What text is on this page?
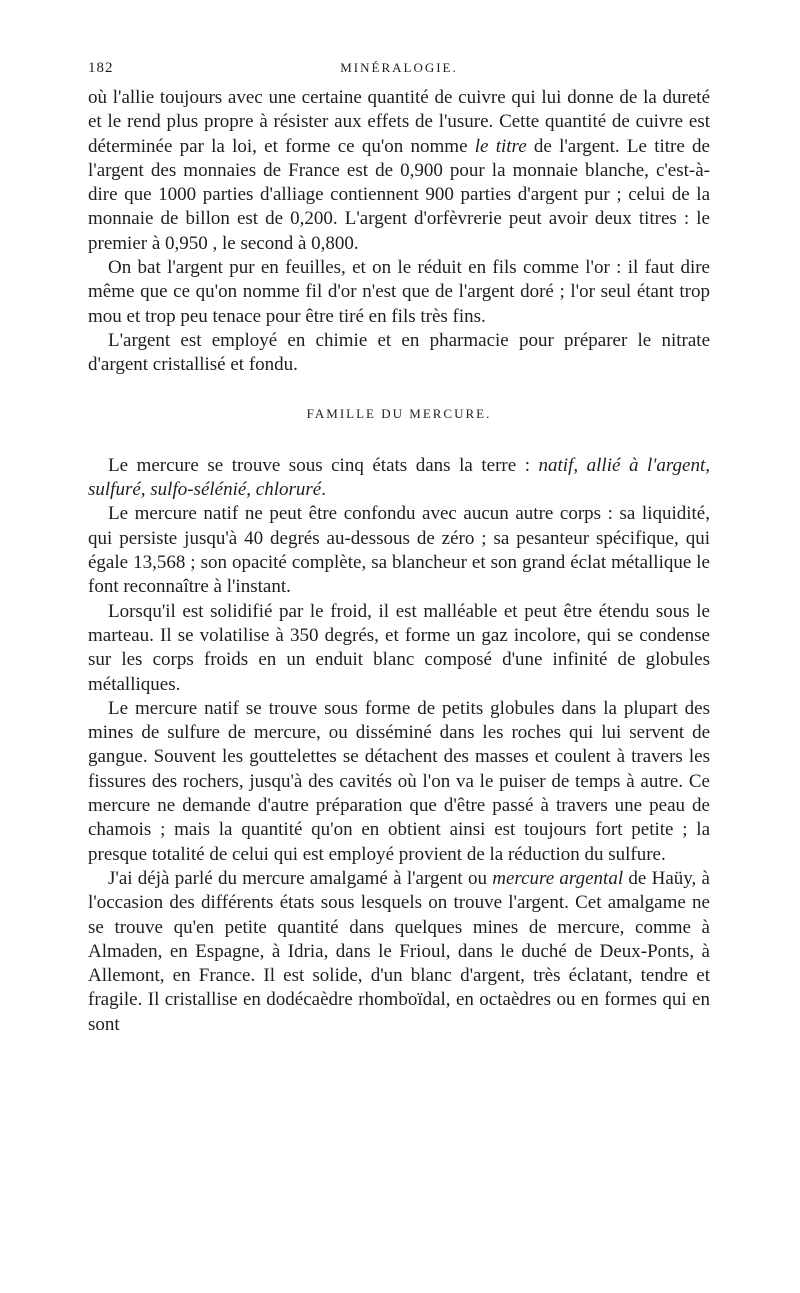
182	MINÉRALOGIE.

où l'allie toujours avec une certaine quantité de cuivre qui lui donne de la dureté et le rend plus propre à résister aux effets de l'usure. Cette quantité de cuivre est déterminée par la loi, et forme ce qu'on nomme le titre de l'argent. Le titre de l'argent des monnaies de France est de 0,900 pour la monnaie blanche, c'est-à-dire que 1000 parties d'alliage contiennent 900 parties d'argent pur ; celui de la monnaie de billon est de 0,200. L'argent d'orfèvrerie peut avoir deux titres : le premier à 0,950 , le second à 0,800.

On bat l'argent pur en feuilles, et on le réduit en fils comme l'or : il faut dire même que ce qu'on nomme fil d'or n'est que de l'argent doré ; l'or seul étant trop mou et trop peu tenace pour être tiré en fils très fins.

L'argent est employé en chimie et en pharmacie pour préparer le nitrate d'argent cristallisé et fondu.

FAMILLE DU MERCURE.

Le mercure se trouve sous cinq états dans la terre : natif, allié à l'argent, sulfuré, sulfo-sélénié, chloruré.

Le mercure natif ne peut être confondu avec aucun autre corps : sa liquidité, qui persiste jusqu'à 40 degrés au-dessous de zéro ; sa pesanteur spécifique, qui égale 13,568 ; son opacité complète, sa blancheur et son grand éclat métallique le font reconnaître à l'instant.

Lorsqu'il est solidifié par le froid, il est malléable et peut être étendu sous le marteau. Il se volatilise à 350 degrés, et forme un gaz incolore, qui se condense sur les corps froids en un enduit blanc composé d'une infinité de globules métalliques.

Le mercure natif se trouve sous forme de petits globules dans la plupart des mines de sulfure de mercure, ou disséminé dans les roches qui lui servent de gangue. Souvent les gouttelettes se détachent des masses et coulent à travers les fissures des rochers, jusqu'à des cavités où l'on va le puiser de temps à autre. Ce mercure ne demande d'autre préparation que d'être passé à travers une peau de chamois ; mais la quantité qu'on en obtient ainsi est toujours fort petite ; la presque totalité de celui qui est employé provient de la réduction du sulfure.

J'ai déjà parlé du mercure amalgamé à l'argent ou mercure argental de Haüy, à l'occasion des différents états sous lesquels on trouve l'argent. Cet amalgame ne se trouve qu'en petite quantité dans quelques mines de mercure, comme à Almaden, en Espagne, à Idria, dans le Frioul, dans le duché de Deux-Ponts, à Allemont, en France. Il est solide, d'un blanc d'argent, très éclatant, tendre et fragile. Il cristallise en dodécaèdre rhomboïdal, en octaèdres ou en formes qui en sont
